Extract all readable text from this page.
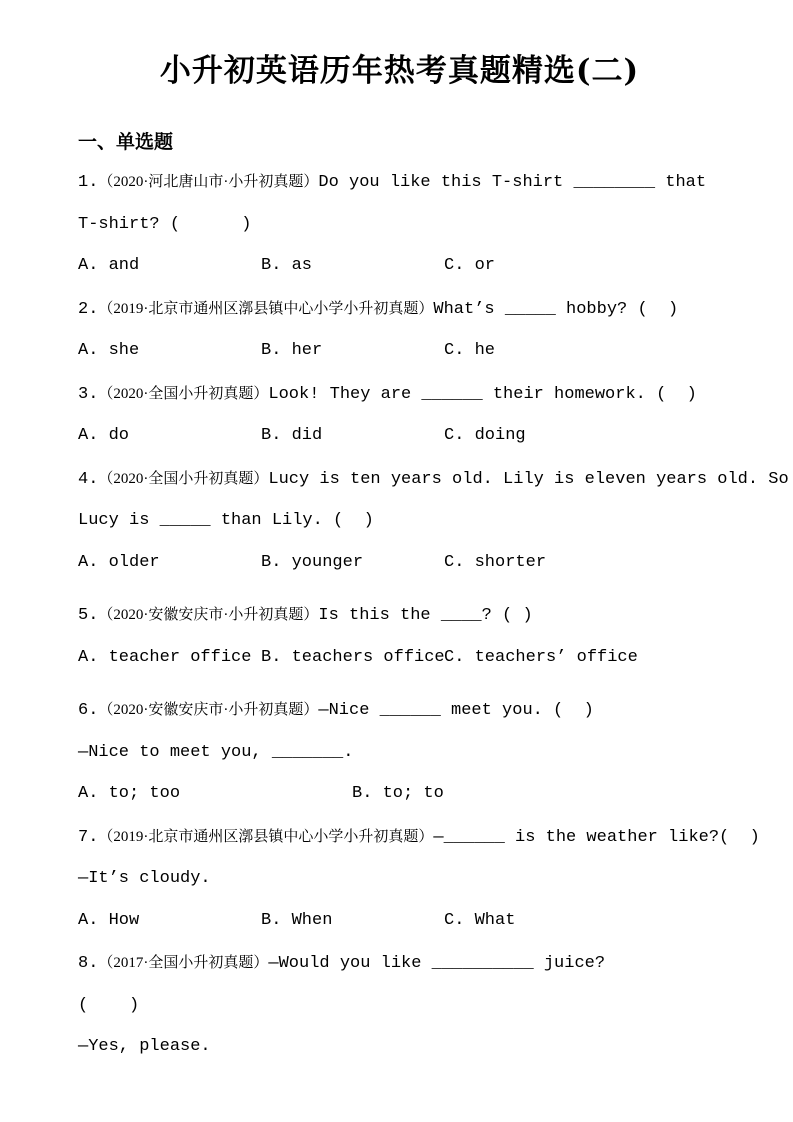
小升初英语历年热考真题精选(二)
一、单选题

1.（2020·河北唐山市·小升初真题）Do you like this T-shirt ________ that

T-shirt? (      )

A. and	B. as	C. or

2.（2019·北京市通州区漷县镇中心小学小升初真题）What’s _____ hobby? (  )

A. she	B. her	C. he

3.（2020·全国小升初真题）Look! They are ______ their homework. (  )

A. do	B. did	C. doing

4.（2020·全国小升初真题）Lucy is ten years old. Lily is eleven years old. So

Lucy is _____ than Lily. (  )

A. older	B. younger	C. shorter

5.（2020·安徽安庆市·小升初真题）Is this the ____? ( )

A. teacher office B. teachers office C. teachers’ office

6.（2020·安徽安庆市·小升初真题）—Nice ______ meet you. (  )

—Nice to meet you, _______.

A. to; too	B. to; to

7.（2019·北京市通州区漷县镇中心小学小升初真题）—______ is the weather like?(  )

—It’s cloudy.

A. How	B. When	C. What

8.（2017·全国小升初真题）—Would you like __________ juice?

(    )

—Yes, please.
